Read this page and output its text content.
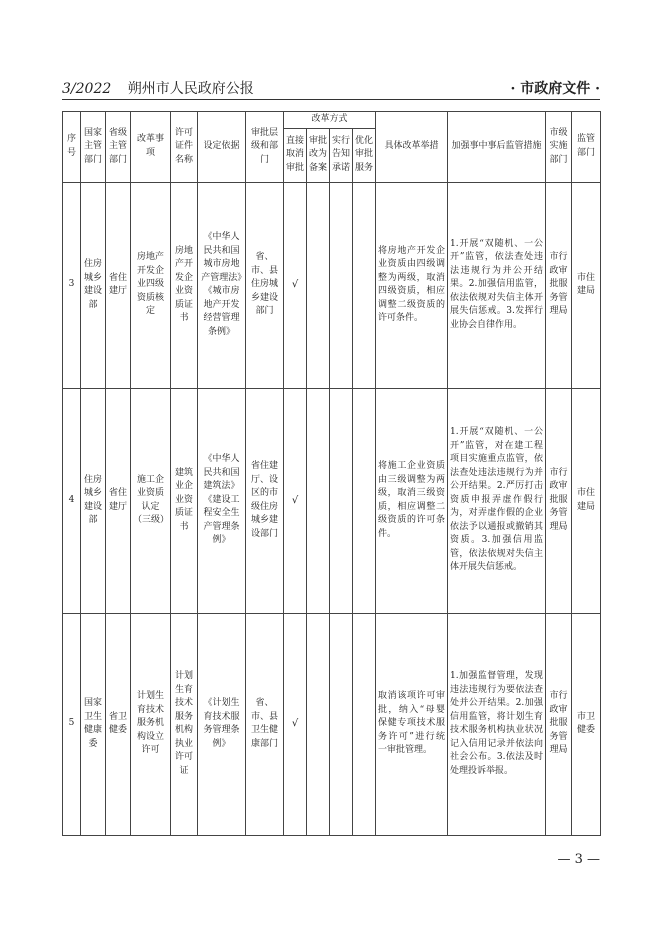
3/2022 朔州市人民政府公报	· 市政府文件 ·
序号	国家主管部门	省级主管部门	改革事项	许可证件名称	设定依据	审批层级和部门	改革方式				具体改革举措	加强事中事后监管措施	市级实施部门	监管部门
							直接取消审批	审批改为备案	实行告知承诺	优化审批服务				
3	住房城乡建设部	省住建厅	房地产开发企业四级资质核定	房地产开发企业资质证书	《中华人民共和国城市房地产管理法》《城市房地产开发经营管理条例》	省、市、县住房城乡建设部门	√				将房地产开发企业资质由四级调整为两级，取消四级资质，相应调整二级资质的许可条件。	1.开展“双随机、一公开”监管，依法查处违法违规行为并公开结果。2.加强信用监管，依法依规对失信主体开展失信惩戒。3.发挥行业协会自律作用。	市行政审批服务管理局	市住建局
4	住房城乡建设部	省住建厅	施工企业资质认定（三级）	建筑业企业资质证书	《中华人民共和国建筑法》《建设工程安全生产管理条例》	省住建厅、设区的市级住房城乡建设部门	√				将施工企业资质由三级调整为两级，取消三级资质，相应调整二级资质的许可条件。	1.开展“双随机、一公开”监管，对在建工程项目实施重点监管，依法查处违法违规行为并公开结果。2.严厉打击资质申报弄虚作假行为，对弄虚作假的企业依法予以通报或撤销其资质。3.加强信用监管，依法依规对失信主体开展失信惩戒。	市行政审批服务管理局	市住建局
5	国家卫生健康委	省卫健委	计划生育技术服务机构设立许可	计划生育技术服务机构执业许可证	《计划生育技术服务管理条例》	省、市、县卫生健康部门	√				取消该项许可审批，纳入“母婴保健专项技术服务许可”进行统一审批管理。	1.加强监督管理，发现违法违规行为要依法查处并公开结果。2.加强信用监管，将计划生育技术服务机构执业状况记入信用记录并依法向社会公布。3.依法及时处理投诉举报。	市行政审批服务管理局	市卫健委
— 3 —
